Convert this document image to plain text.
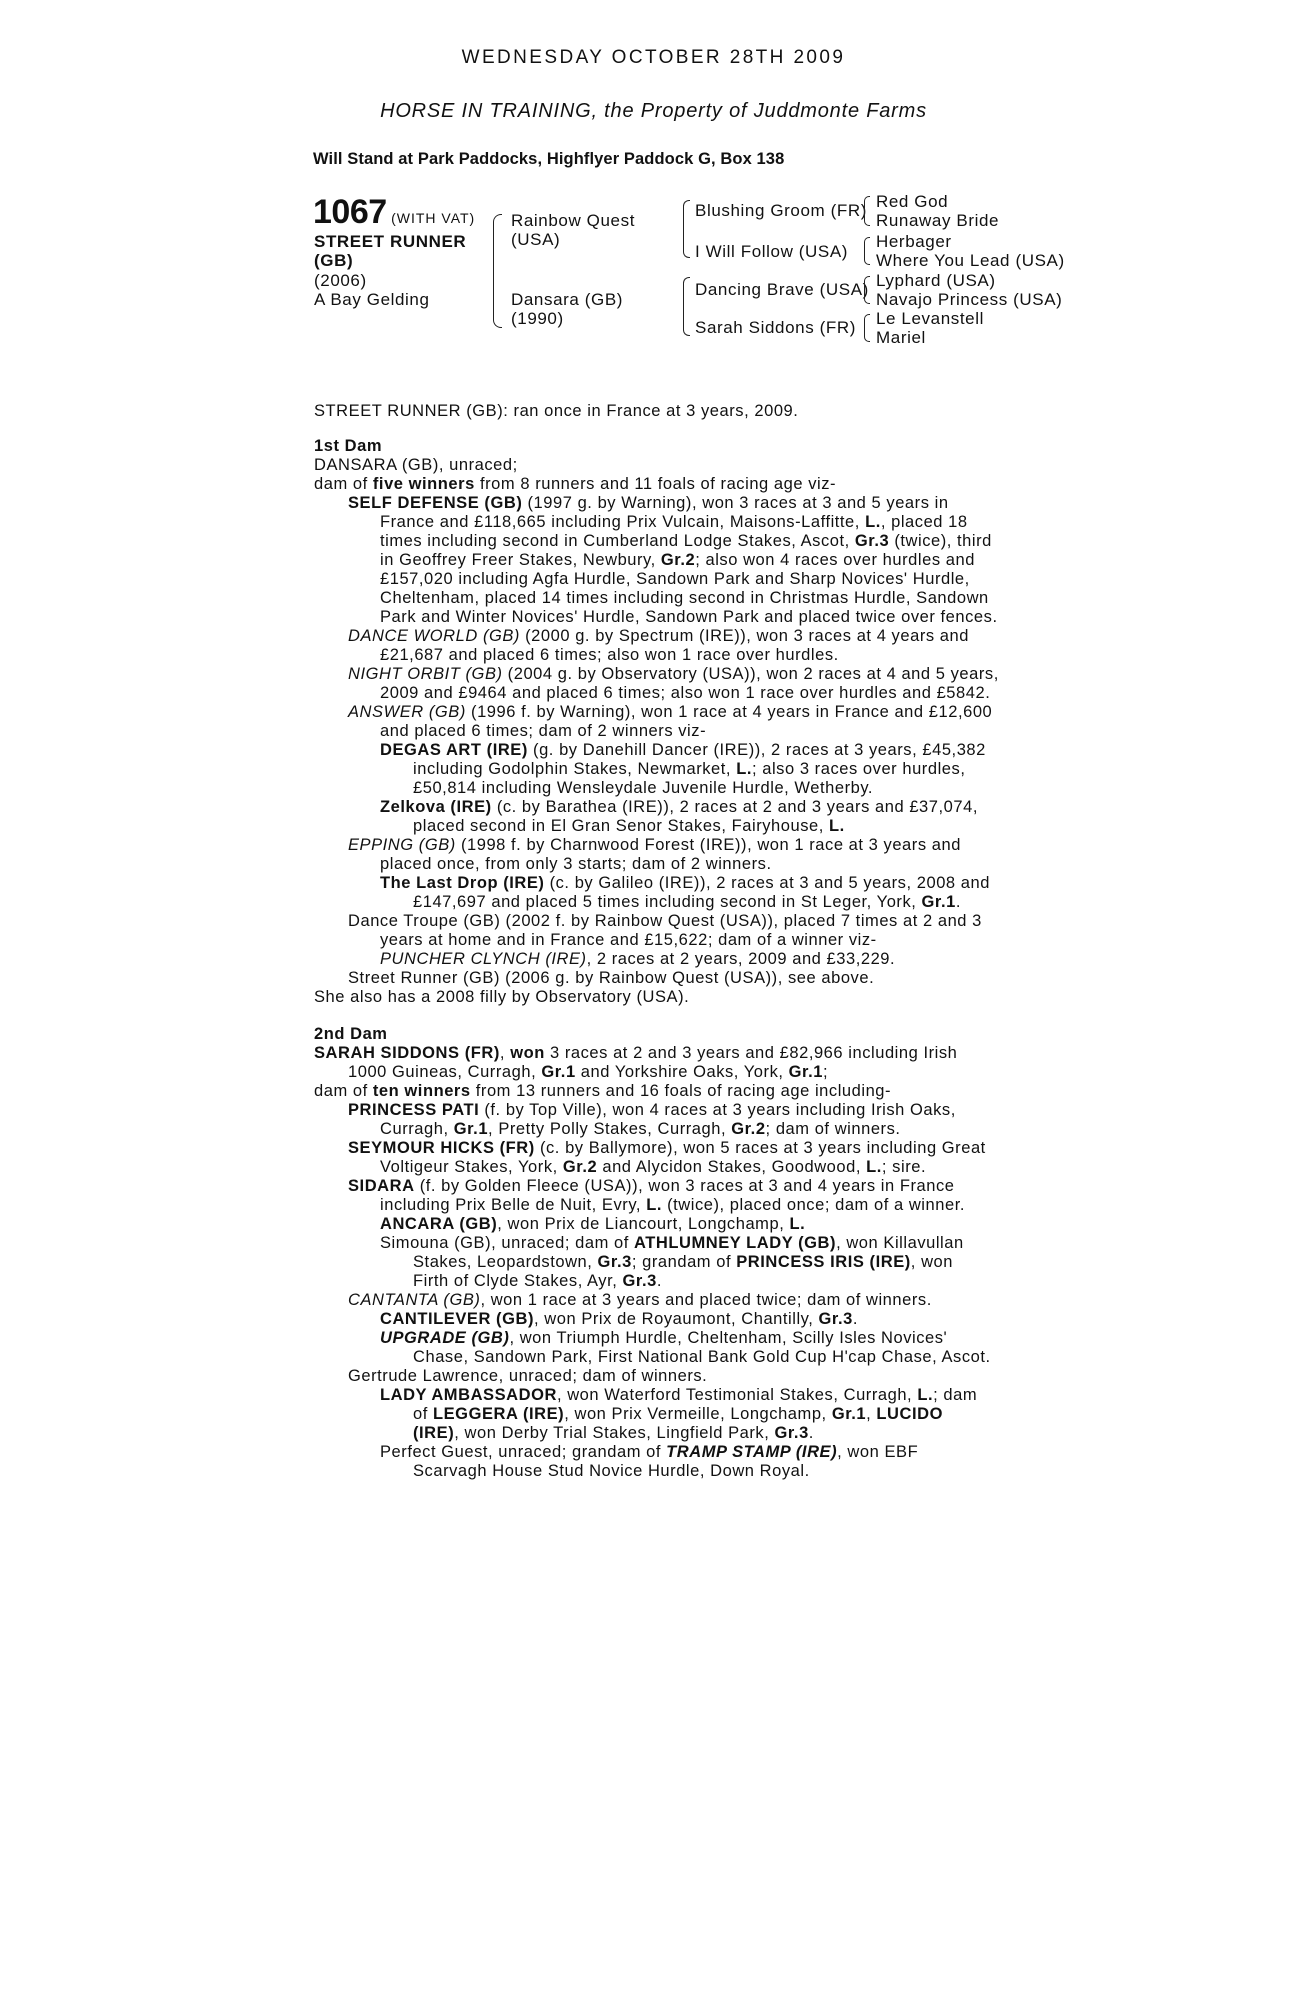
WEDNESDAY OCTOBER 28TH 2009
HORSE IN TRAINING, the Property of Juddmonte Farms
Will Stand at Park Paddocks, Highflyer Paddock G, Box 138
1067 (WITH VAT)
STREET RUNNER
(GB)
(2006)
A Bay Gelding
Rainbow Quest
(USA)
Dansara (GB)
(1990)
Blushing Groom (FR)
I Will Follow (USA)
Dancing Brave (USA)
Sarah Siddons (FR)
Red God
Runaway Bride
Herbager
Where You Lead (USA)
Lyphard (USA)
Navajo Princess (USA)
Le Levanstell
Mariel

STREET RUNNER (GB): ran once in France at 3 years, 2009.

1st Dam

DANSARA (GB), unraced;

dam of five winners from 8 runners and 11 foals of racing age viz-

SELF DEFENSE (GB) (1997 g. by Warning), won 3 races at 3 and 5 years in

France and £118,665 including Prix Vulcain, Maisons-Laffitte, L., placed 18

times including second in Cumberland Lodge Stakes, Ascot, Gr.3 (twice), third

in Geoffrey Freer Stakes, Newbury, Gr.2; also won 4 races over hurdles and

£157,020 including Agfa Hurdle, Sandown Park and Sharp Novices' Hurdle,

Cheltenham, placed 14 times including second in Christmas Hurdle, Sandown

Park and Winter Novices' Hurdle, Sandown Park and placed twice over fences.

DANCE WORLD (GB) (2000 g. by Spectrum (IRE)), won 3 races at 4 years and

£21,687 and placed 6 times; also won 1 race over hurdles.

NIGHT ORBIT (GB) (2004 g. by Observatory (USA)), won 2 races at 4 and 5 years,

2009 and £9464 and placed 6 times; also won 1 race over hurdles and £5842.

ANSWER (GB) (1996 f. by Warning), won 1 race at 4 years in France and £12,600

and placed 6 times; dam of 2 winners viz-

DEGAS ART (IRE) (g. by Danehill Dancer (IRE)), 2 races at 3 years, £45,382

including Godolphin Stakes, Newmarket, L.; also 3 races over hurdles,

£50,814 including Wensleydale Juvenile Hurdle, Wetherby.

Zelkova (IRE) (c. by Barathea (IRE)), 2 races at 2 and 3 years and £37,074,

placed second in El Gran Senor Stakes, Fairyhouse, L.

EPPING (GB) (1998 f. by Charnwood Forest (IRE)), won 1 race at 3 years and

placed once, from only 3 starts; dam of 2 winners.

The Last Drop (IRE) (c. by Galileo (IRE)), 2 races at 3 and 5 years, 2008 and

£147,697 and placed 5 times including second in St Leger, York, Gr.1.

Dance Troupe (GB) (2002 f. by Rainbow Quest (USA)), placed 7 times at 2 and 3

years at home and in France and £15,622; dam of a winner viz-

PUNCHER CLYNCH (IRE), 2 races at 2 years, 2009 and £33,229.

Street Runner (GB) (2006 g. by Rainbow Quest (USA)), see above.

She also has a 2008 filly by Observatory (USA).

2nd Dam

SARAH SIDDONS (FR), won 3 races at 2 and 3 years and £82,966 including Irish

1000 Guineas, Curragh, Gr.1 and Yorkshire Oaks, York, Gr.1;

dam of ten winners from 13 runners and 16 foals of racing age including-

PRINCESS PATI (f. by Top Ville), won 4 races at 3 years including Irish Oaks,

Curragh, Gr.1, Pretty Polly Stakes, Curragh, Gr.2; dam of winners.

SEYMOUR HICKS (FR) (c. by Ballymore), won 5 races at 3 years including Great

Voltigeur Stakes, York, Gr.2 and Alycidon Stakes, Goodwood, L.; sire.

SIDARA (f. by Golden Fleece (USA)), won 3 races at 3 and 4 years in France

including Prix Belle de Nuit, Evry, L. (twice), placed once; dam of a winner.

ANCARA (GB), won Prix de Liancourt, Longchamp, L.

Simouna (GB), unraced; dam of ATHLUMNEY LADY (GB), won Killavullan

Stakes, Leopardstown, Gr.3; grandam of PRINCESS IRIS (IRE), won

Firth of Clyde Stakes, Ayr, Gr.3.

CANTANTA (GB), won 1 race at 3 years and placed twice; dam of winners.

CANTILEVER (GB), won Prix de Royaumont, Chantilly, Gr.3.

UPGRADE (GB), won Triumph Hurdle, Cheltenham, Scilly Isles Novices'

Chase, Sandown Park, First National Bank Gold Cup H'cap Chase, Ascot.

Gertrude Lawrence, unraced; dam of winners.

LADY AMBASSADOR, won Waterford Testimonial Stakes, Curragh, L.; dam

of LEGGERA (IRE), won Prix Vermeille, Longchamp, Gr.1, LUCIDO

(IRE), won Derby Trial Stakes, Lingfield Park, Gr.3.

Perfect Guest, unraced; grandam of TRAMP STAMP (IRE), won EBF

Scarvagh House Stud Novice Hurdle, Down Royal.
